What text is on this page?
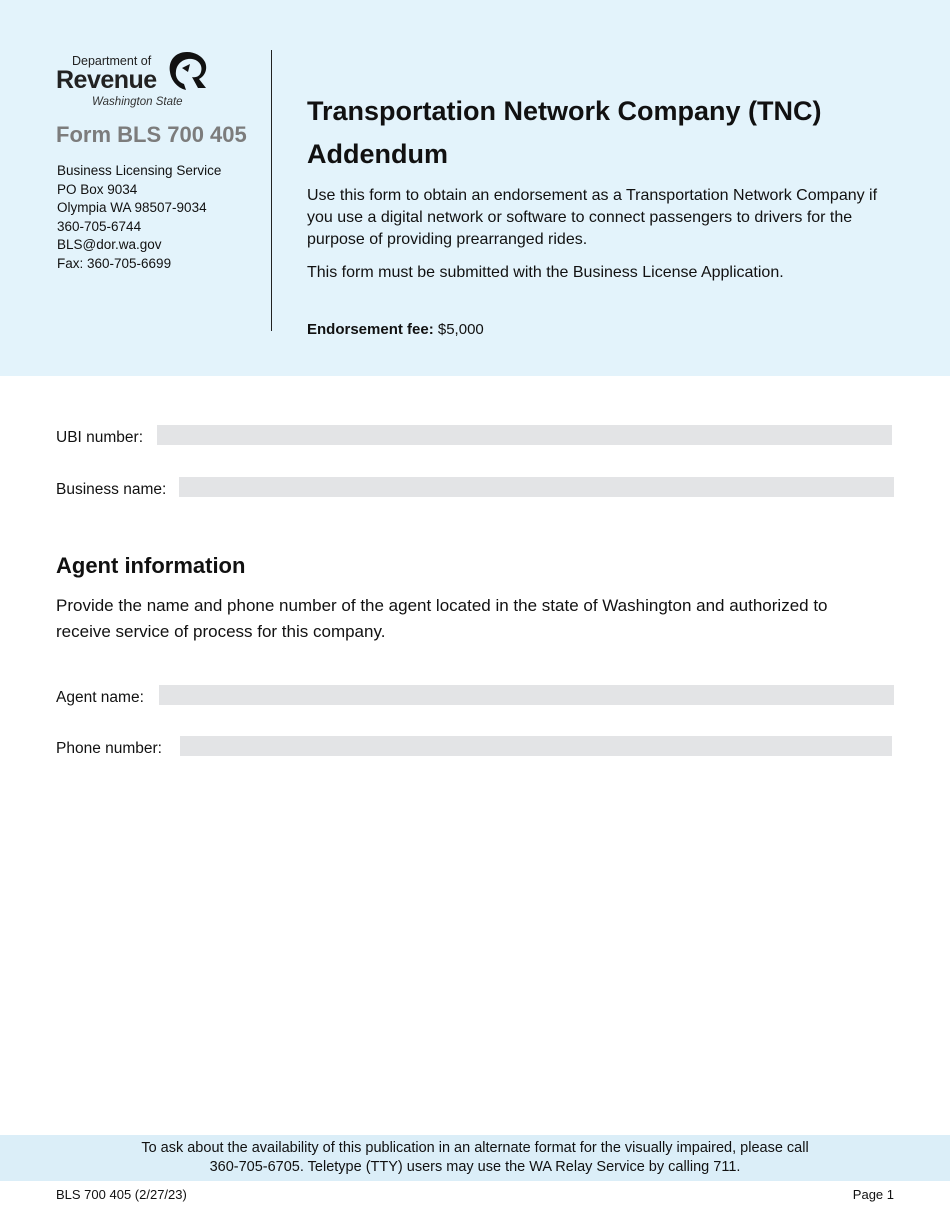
Department of
Revenue
Washington State
Form BLS 700 405
Business Licensing Service
PO Box 9034
Olympia WA 98507-9034
360-705-6744
BLS@dor.wa.gov
Fax: 360-705-6699
Transportation Network Company (TNC) Addendum
Use this form to obtain an endorsement as a Transportation Network Company if you use a digital network or software to connect passengers to drivers for the purpose of providing prearranged rides.
This form must be submitted with the Business License Application.
Endorsement fee: $5,000
UBI number:
Business name:
Agent information
Provide the name and phone number of the agent located in the state of Washington and authorized to receive service of process for this company.
Agent name:
Phone number:
To ask about the availability of this publication in an alternate format for the visually impaired, please call
360-705-6705. Teletype (TTY) users may use the WA Relay Service by calling 711.
BLS 700 405 (2/27/23)	Page 1
